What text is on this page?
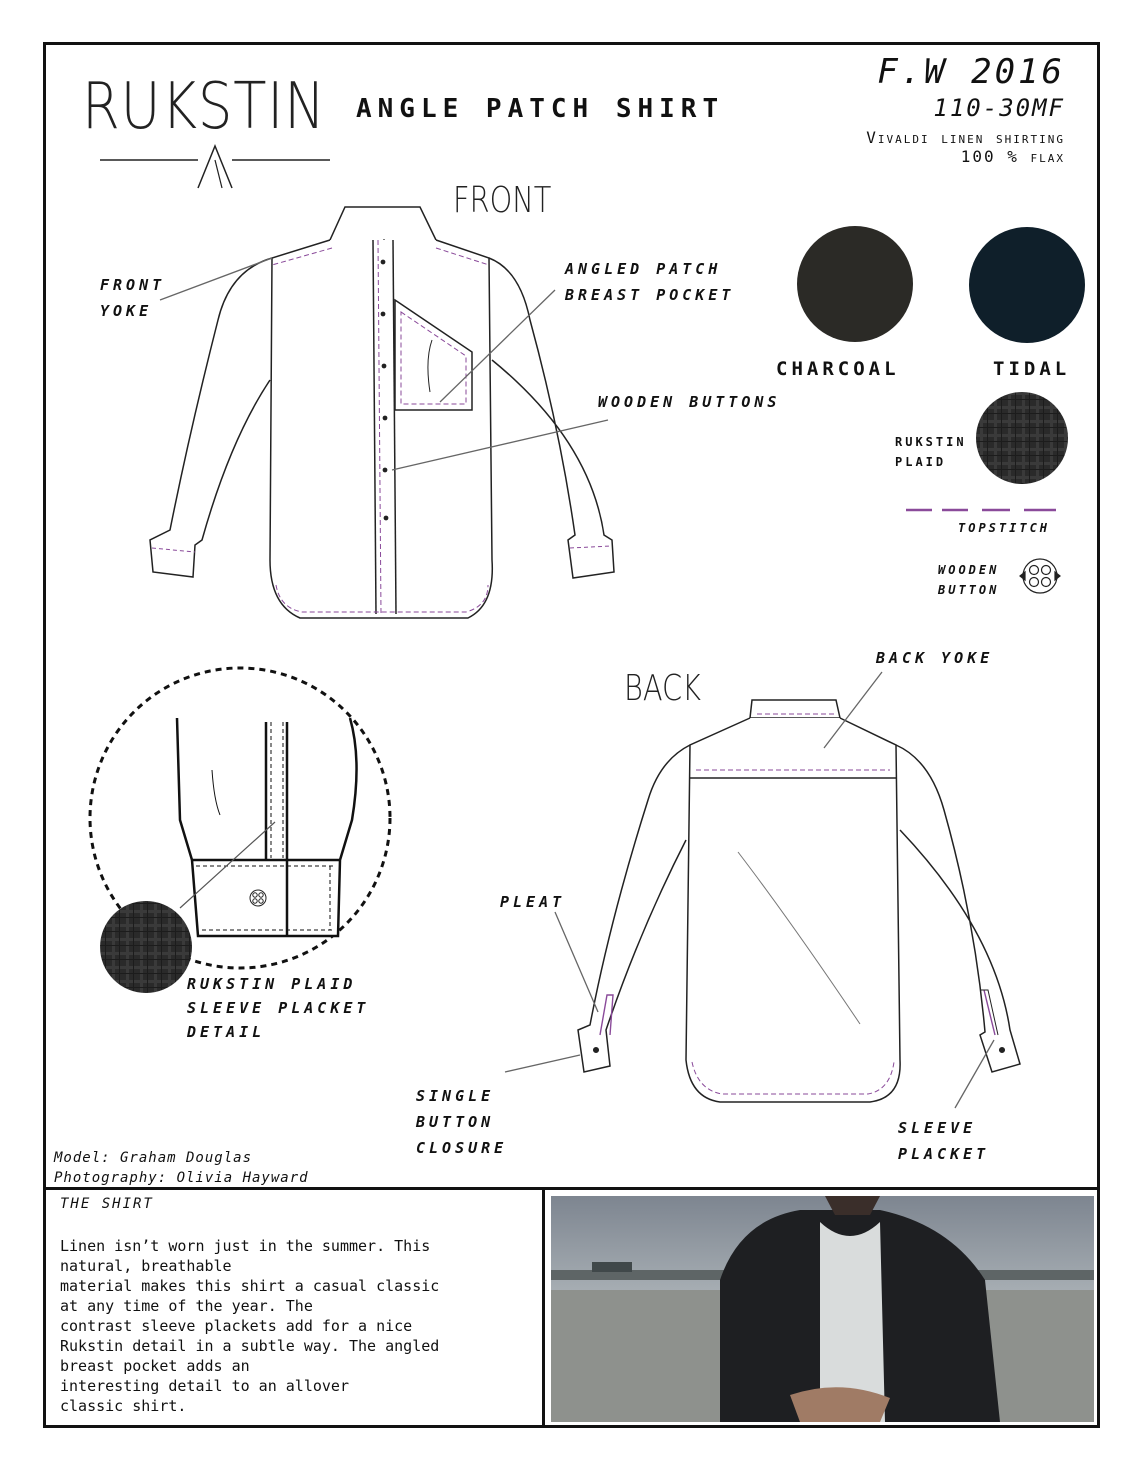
RUKSTIN ANGLE PATCH SHIRT
F.W 2016
110-30MF
Vivaldi linen shirting
100 % flax
FRONT
BACK
FRONT
YOKE
ANGLED PATCH
BREAST POCKET
WOODEN BUTTONS
BACK YOKE
PLEAT
SINGLE
BUTTON
CLOSURE
SLEEVE
PLACKET
RUKSTIN PLAID
SLEEVE PLACKET
DETAIL
CHARCOAL	TIDAL
RUKSTIN
PLAID
TOPSTITCH
WOODEN
BUTTON
Model: Graham Douglas
Photography: Olivia Hayward
THE SHIRT
Linen isn’t worn just in the summer. This
natural, breathable
material makes this shirt a casual classic
at any time of the year. The
contrast sleeve plackets add for a nice
Rukstin detail in a subtle way. The angled
breast pocket adds an
interesting detail to an allover
classic shirt.
